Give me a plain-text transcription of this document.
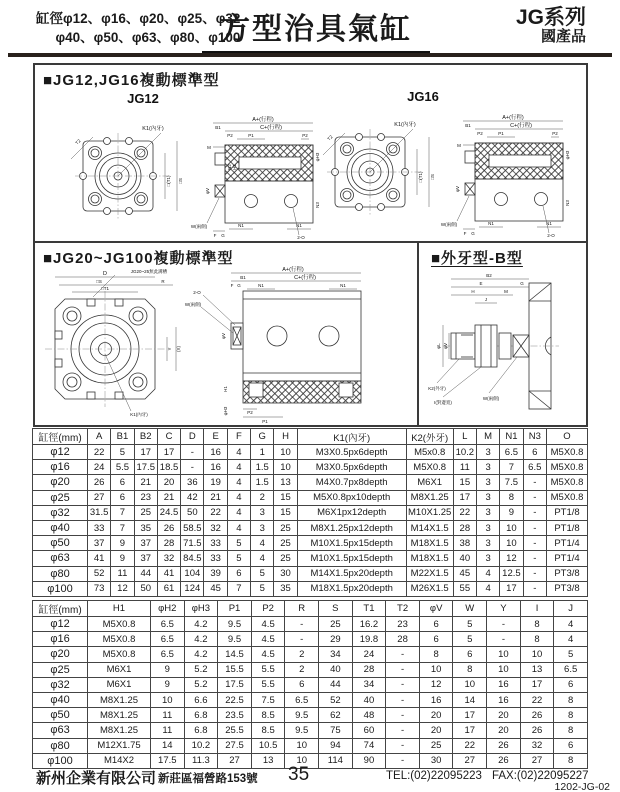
缸徑φ12、φ16、φ20、φ25、φ32
φ40、φ50、φ63、φ80、φ100
方型治具氣缸	JG系列
國產品
■JG12,JG16複動標準型
JG12	JG16
T2
K1(內牙)
□(T1) □S
A+(行程)
C+(行程)
B1
P1
P2	P2
M
N2 H1
φV
φH3
N3
F G
N1	N1
2-O
W(兩側)
T2
K1(內牙)
□(T1) □S
A+(行程)
C+(行程)
B1
P1
P2	P2
M
φV
φH3
N3
F G
N1	N1
2-O
W(兩側)
■JG20~JG100複動標準型
D
□S	R
□T1
JG20~25無此溝槽
Y (X)
K1(內牙)
A+(行程)
B1	C+(行程)
F G	N1	N1
P2
P1
φV
H1
φH3
2-O
W(兩側)
■外牙型-B型
B2
E	G
H	M
J
φL φV
K2(外牙)
I(對邊寬)
W(兩側)
缸徑(mm)	A	B1	B2	C	D	E	F	G	H	K1(內牙)	K2(外牙)	L	M	N1	N3	O
φ12	22	5	17	17	-	16	4	1	10	M3X0.5px6depth	M5x0.8	10.2	3	6.5	6	M5X0.8
φ16	24	5.5	17.5	18.5	-	16	4	1.5	10	M3X0.5px6depth	M5X0.8	11	3	7	6.5	M5X0.8
φ20	26	6	21	20	36	19	4	1.5	13	M4X0.7px8depth	M6X1	15	3	7.5	-	M5X0.8
φ25	27	6	23	21	42	21	4	2	15	M5X0.8px10depth	M8X1.25	17	3	8	-	M5X0.8
φ32	31.5	7	25	24.5	50	22	4	3	15	M6X1px12depth	M10X1.25	22	3	9	-	PT1/8
φ40	33	7	35	26	58.5	32	4	3	25	M8X1.25px12depth	M14X1.5	28	3	10	-	PT1/8
φ50	37	9	37	28	71.5	33	5	4	25	M10X1.5px15depth	M18X1.5	38	3	10	-	PT1/4
φ63	41	9	37	32	84.5	33	5	4	25	M10X1.5px15depth	M18X1.5	40	3	12	-	PT1/4
φ80	52	11	44	41	104	39	6	5	30	M14X1.5px20depth	M22X1.5	45	4	12.5	-	PT3/8
φ100	73	12	50	61	124	45	7	5	35	M18X1.5px20depth	M26X1.5	55	4	17	-	PT3/8
缸徑(mm)	H1	φH2	φH3	P1	P2	R	S	T1	T2	φV	W	Y	I	J
φ12	M5X0.8	6.5	4.2	9.5	4.5	-	25	16.2	23	6	5	-	8	4
φ16	M5X0.8	6.5	4.2	9.5	4.5	-	29	19.8	28	6	5	-	8	4
φ20	M5X0.8	6.5	4.2	14.5	4.5	2	34	24	-	8	6	10	10	5
φ25	M6X1	9	5.2	15.5	5.5	2	40	28	-	10	8	10	13	6.5
φ32	M6X1	9	5.2	17.5	5.5	6	44	34	-	12	10	16	17	6
φ40	M8X1.25	10	6.6	22.5	7.5	6.5	52	40	-	16	14	16	22	8
φ50	M8X1.25	11	6.8	23.5	8.5	9.5	62	48	-	20	17	20	26	8
φ63	M8X1.25	11	6.8	25.5	8.5	9.5	75	60	-	20	17	20	26	8
φ80	M12X1.75	14	10.2	27.5	10.5	10	94	74	-	25	22	26	32	6
φ100	M14X2	17.5	11.3	27	13	10	114	90	-	30	27	26	27	8
新州企業有限公司 新莊區福營路153號 35	TEL:(02)22095223 FAX:(02)22095227
1202-JG-02
